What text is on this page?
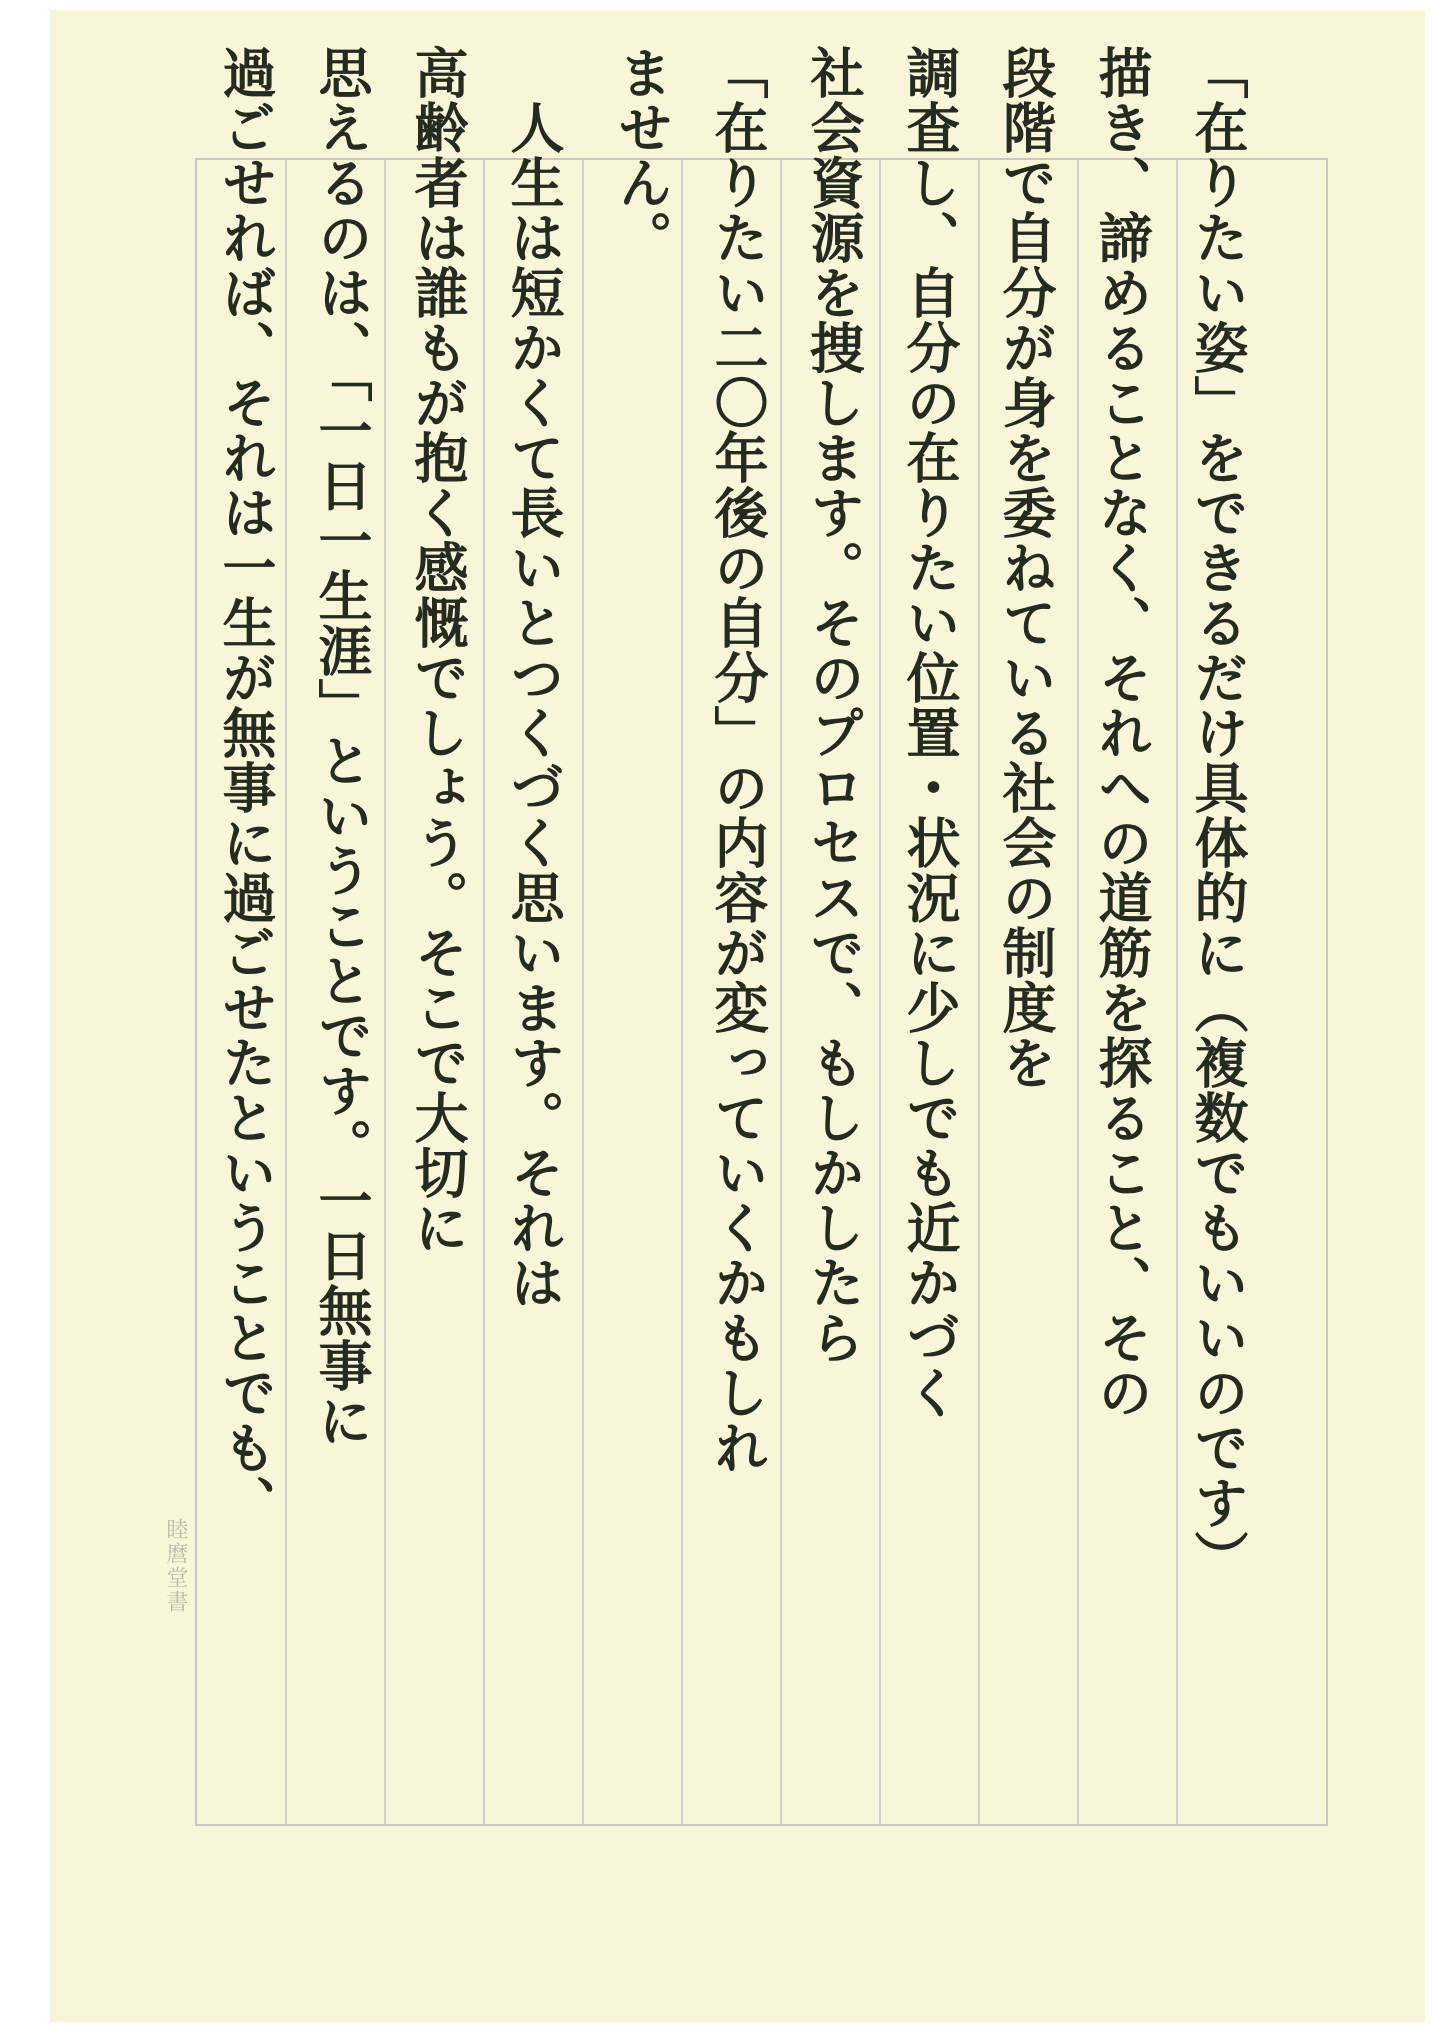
「在りたい姿」をできるだけ具体的に（複数でもいいのです）
描き、諦めることなく、それへの道筋を探ること、その
段階で自分が身を委ねている社会の制度を
調査し、自分の在りたい位置・状況に少しでも近かづく
社会資源を捜します。そのプロセスで、もしかしたら
「在りたい二〇年後の自分」の内容が変っていくかもしれ
ません。
　人生は短かくて長いとつくづく思います。それは
高齢者は誰もが抱く感慨でしょう。そこで大切に
思えるのは、「一日一生涯」ということです。一日無事に
過ごせれば、それは一生が無事に過ごせたということでも、
睦麿堂書
